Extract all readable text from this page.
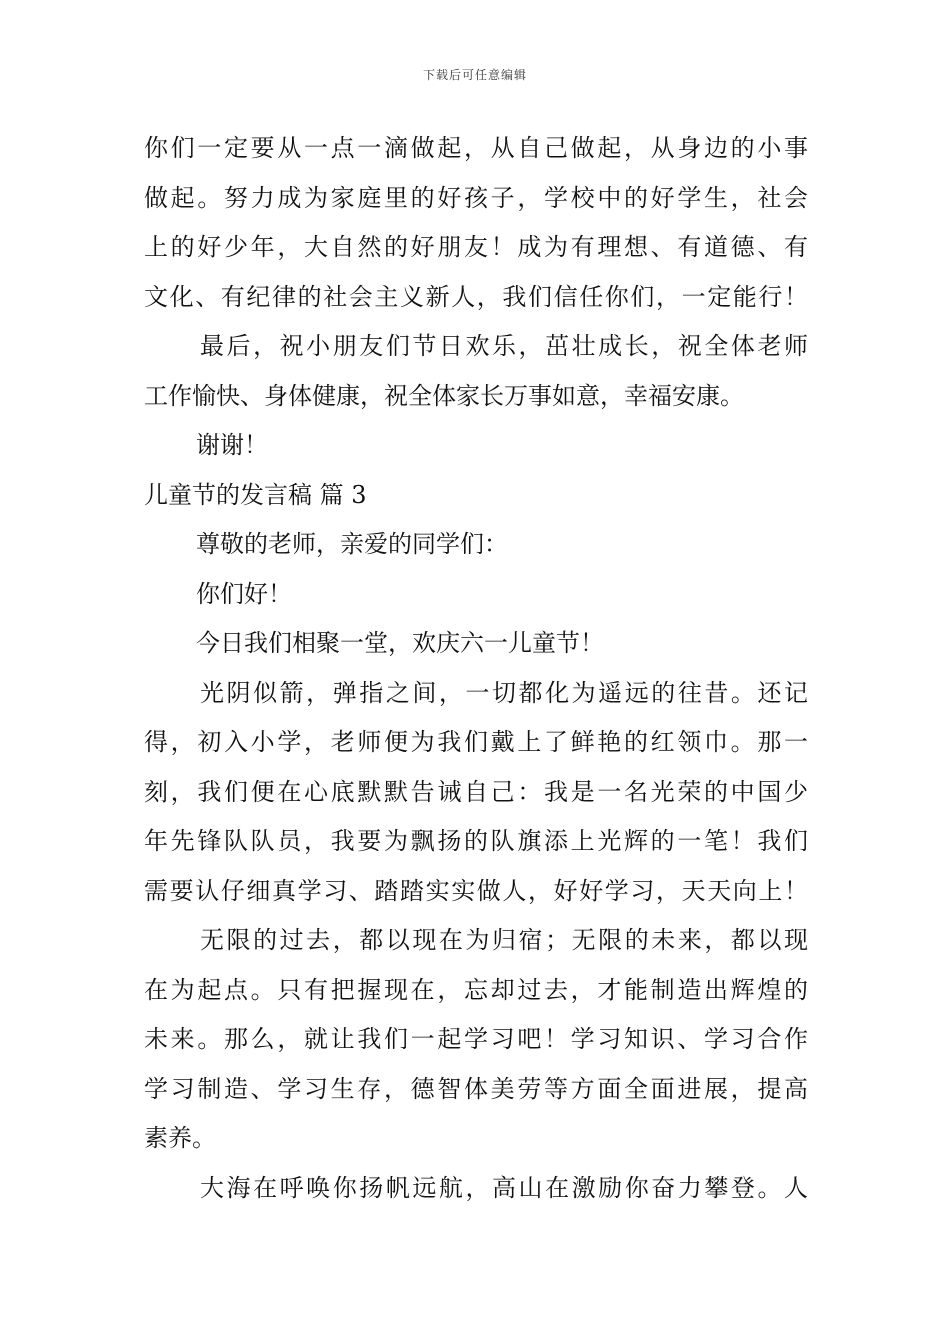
下载后可任意编辑
你们一定要从一点一滴做起，从自己做起，从身边的小事
做起。努力成为家庭里的好孩子，学校中的好学生，社会
上的好少年，大自然的好朋友！成为有理想、有道德、有
文化、有纪律的社会主义新人，我们信任你们，一定能行！
最后，祝小朋友们节日欢乐，茁壮成长，祝全体老师
工作愉快、身体健康，祝全体家长万事如意，幸福安康。
谢谢！
儿童节的发言稿 篇 3
尊敬的老师，亲爱的同学们：
你们好！
今日我们相聚一堂，欢庆六一儿童节！
光阴似箭，弹指之间，一切都化为遥远的往昔。还记
得，初入小学，老师便为我们戴上了鲜艳的红领巾。那一
刻，我们便在心底默默告诫自己：我是一名光荣的中国少
年先锋队队员，我要为飘扬的队旗添上光辉的一笔！我们
需要认仔细真学习、踏踏实实做人，好好学习，天天向上！
无限的过去，都以现在为归宿；无限的未来，都以现
在为起点。只有把握现在，忘却过去，才能制造出辉煌的
未来。那么，就让我们一起学习吧！学习知识、学习合作
学习制造、学习生存，德智体美劳等方面全面进展，提高
素养。
大海在呼唤你扬帆远航，高山在激励你奋力攀登。人
